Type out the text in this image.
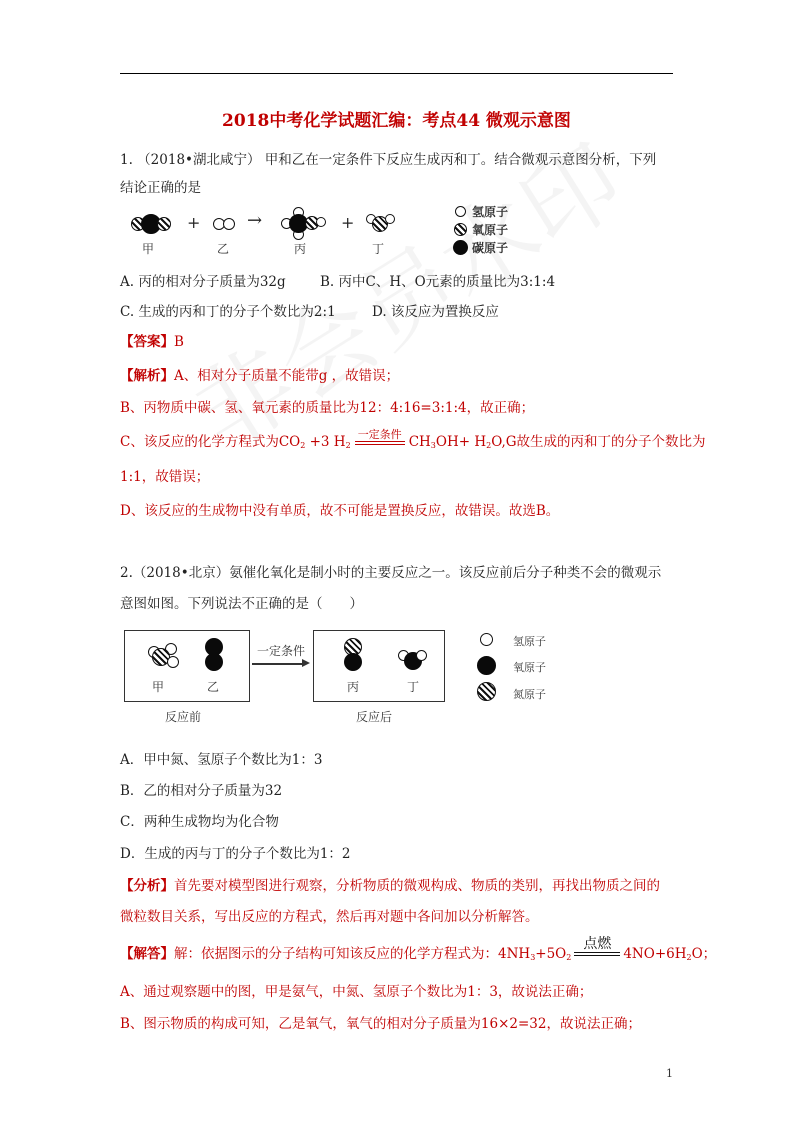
2018中考化学试题汇编：考点44 微观示意图
1. （2018•湖北咸宁） 甲和乙在一定条件下反应生成丙和丁。结合微观示意图分析，下列
结论正确的是
甲
+
乙
→
丙
+
丁
氢原子
氧原子
碳原子
A. 丙的相对分子质量为32g	B. 丙中C、H、O元素的质量比为3:1:4
C. 生成的丙和丁的分子个数比为2:1	D. 该反应为置换反应
【答案】B
【解析】A、相对分子质量不能带g ，故错误；
B、丙物质中碳、氢、氧元素的质量比为12：4:16=3:1:4，故正确；
C、该反应的化学方程式为$CO_2 +3$ $H_2$
一定条件 $CH_3OH+ H_2O,G$故生成的丙和丁的分子个数比为
1:1，故错误；
D、该反应的生成物中没有单质，故不可能是置换反应，故错误。故选B。
2.（2018•北京）氨催化氧化是制小时的主要反应之一。该反应前后分子种类不会的微观示
意图如图。下列说法不正确的是（　　）
甲	乙
一定条件
丙	丁
反应前	反应后
氢原子
氧原子
氮原子
A．甲中氮、氢原子个数比为1：3
B．乙的相对分子质量为32
C．两种生成物均为化合物
D．生成的丙与丁的分子个数比为1：2
【分析】首先要对模型图进行观察，分析物质的微观构成、物质的类别，再找出物质之间的
微粒数目关系，写出反应的方程式，然后再对题中各问加以分析解答。
【解答】解：依据图示的分子结构可知该反应的化学方程式为：$4NH_3+5O_2$
点燃
$4NO+6H_2O$；
A、通过观察题中的图，甲是氨气，中氮、氢原子个数比为1：3，故说法正确；
B、图示物质的构成可知，乙是氧气，氧气的相对分子质量为16×2=32，故说法正确；
1
